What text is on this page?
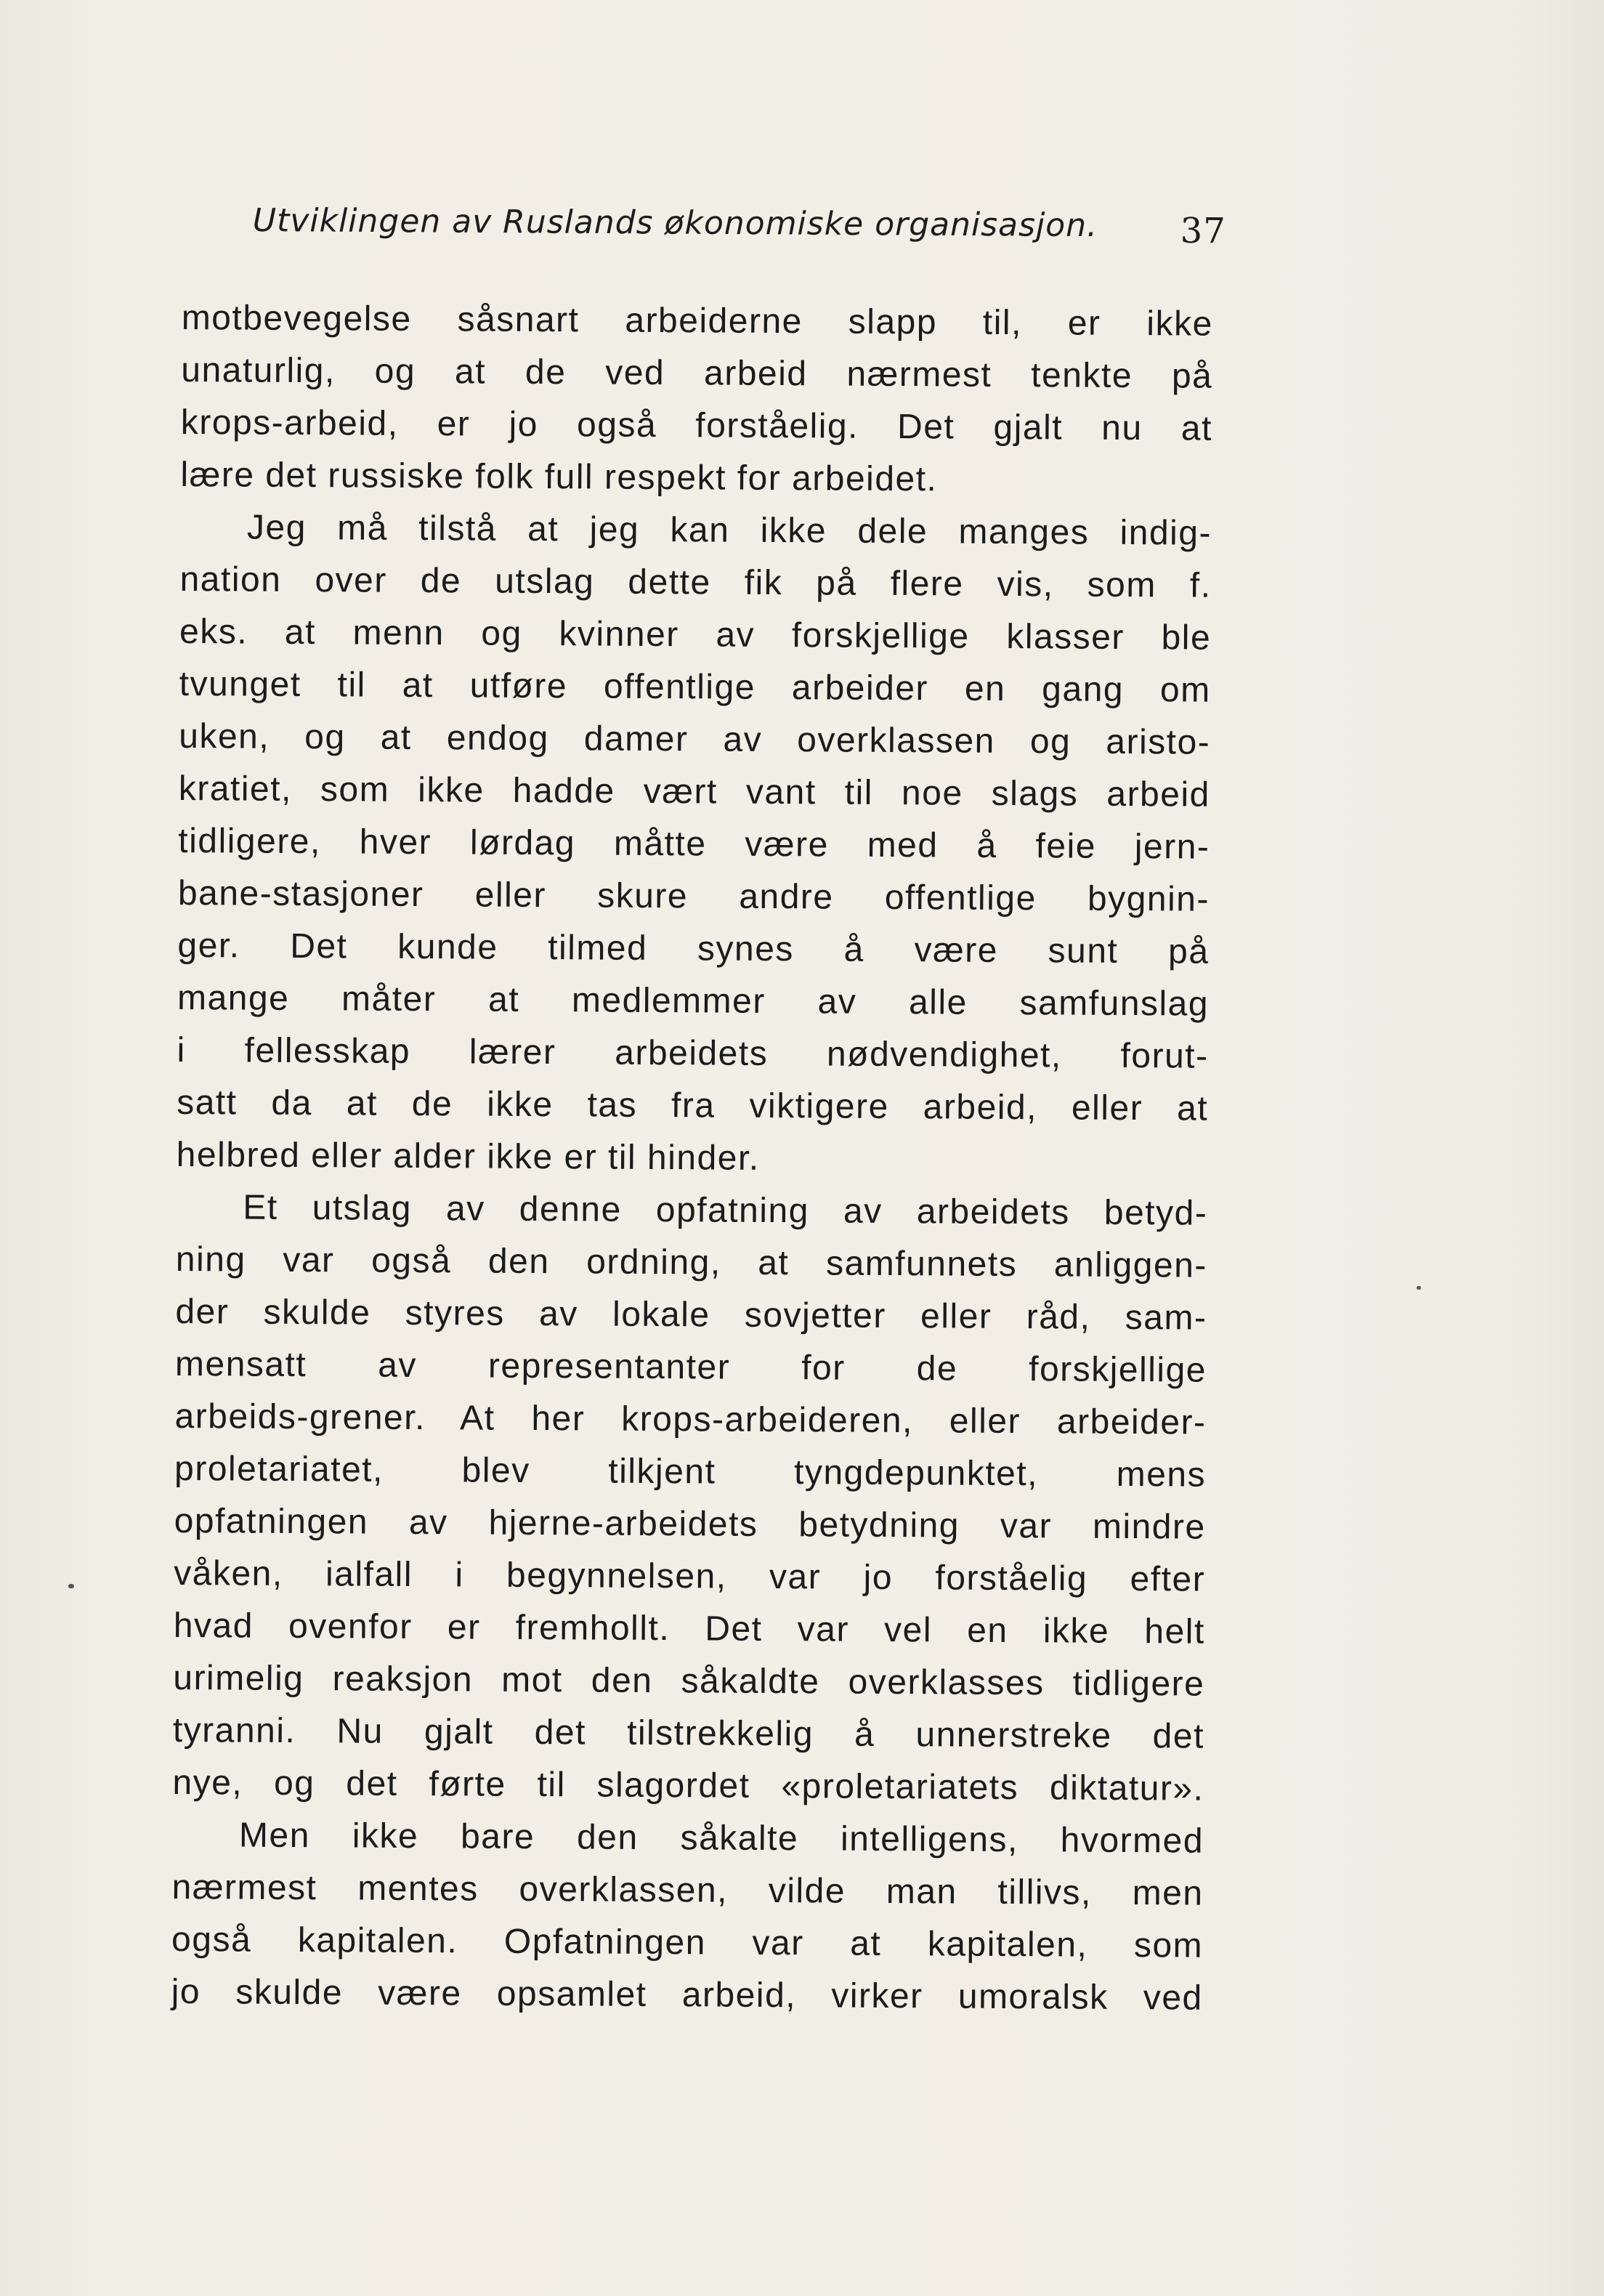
Utviklingen av Ruslands økonomiske organisasjon. 37
motbevegelse såsnart arbeiderne slapp til, er ikke
unaturlig, og at de ved arbeid nærmest tenkte på
krops-arbeid, er jo også forståelig. Det gjalt nu at
lære det russiske folk full respekt for arbeidet.
Jeg må tilstå at jeg kan ikke dele manges indig-
nation over de utslag dette fik på flere vis, som f.
eks. at menn og kvinner av forskjellige klasser ble
tvunget til at utføre offentlige arbeider en gang om
uken, og at endog damer av overklassen og aristo-
kratiet, som ikke hadde vært vant til noe slags arbeid
tidligere, hver lørdag måtte være med å feie jern-
bane-stasjoner eller skure andre offentlige bygnin-
ger. Det kunde tilmed synes å være sunt på
mange måter at medlemmer av alle samfunslag
i fellesskap lærer arbeidets nødvendighet, forut-
satt da at de ikke tas fra viktigere arbeid, eller at
helbred eller alder ikke er til hinder.
Et utslag av denne opfatning av arbeidets betyd-
ning var også den ordning, at samfunnets anliggen-
der skulde styres av lokale sovjetter eller råd, sam-
mensatt av representanter for de forskjellige
arbeids-grener. At her krops-arbeideren, eller arbeider-
proletariatet, blev tilkjent tyngdepunktet, mens
opfatningen av hjerne-arbeidets betydning var mindre
våken, ialfall i begynnelsen, var jo forståelig efter
hvad ovenfor er fremhollt. Det var vel en ikke helt
urimelig reaksjon mot den såkaldte overklasses tidligere
tyranni. Nu gjalt det tilstrekkelig å unnerstreke det
nye, og det førte til slagordet «proletariatets diktatur».
Men ikke bare den såkalte intelligens, hvormed
nærmest mentes overklassen, vilde man tillivs, men
også kapitalen. Opfatningen var at kapitalen, som
jo skulde være opsamlet arbeid, virker umoralsk ved
